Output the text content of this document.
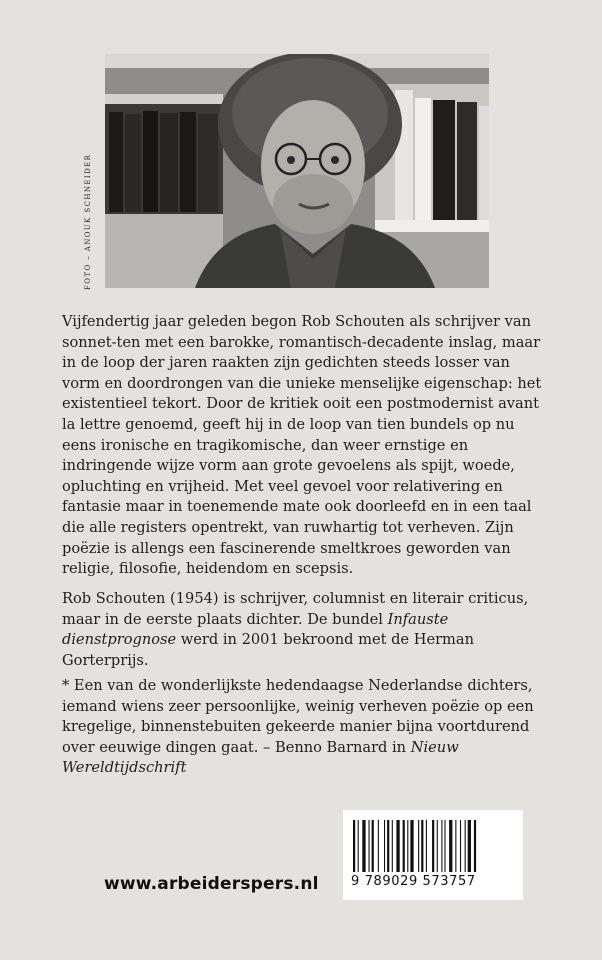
FOTO – ANOUK SCHNEIDER

Vijfendertig jaar geleden begon Rob Schouten als schrijver van sonnet-ten met een barokke, romantisch-decadente inslag, maar in de loop der jaren raakten zijn gedichten steeds losser van vorm en doordrongen van die unieke menselijke eigenschap: het existentieel tekort. Door de kritiek ooit een postmodernist avant la lettre genoemd, geeft hij in de loop van tien bundels op nu eens ironische en tragikomische, dan weer ernstige en indringende wijze vorm aan grote gevoelens als spijt, woede, opluchting en vrijheid. Met veel gevoel voor relativering en fantasie maar in toenemende mate ook doorleefd en in een taal die alle registers opentrekt, van ruwhartig tot verheven. Zijn poëzie is allengs een fascinerende smeltkroes geworden van religie, filosofie, heidendom en scepsis.

Rob Schouten (1954) is schrijver, columnist en literair criticus, maar in de eerste plaats dichter. De bundel Infauste dienstprognose werd in 2001 bekroond met de Herman Gorterprijs.

* Een van de wonderlijkste hedendaagse Nederlandse dichters, iemand wiens zeer persoonlijke, weinig verheven poëzie op een kregelige, binnenstebuiten gekeerde manier bijna voortdurend over eeuwige dingen gaat. – Benno Barnard in Nieuw Wereldtijdschrift

9 789029 573757
www.arbeiderspers.nl
